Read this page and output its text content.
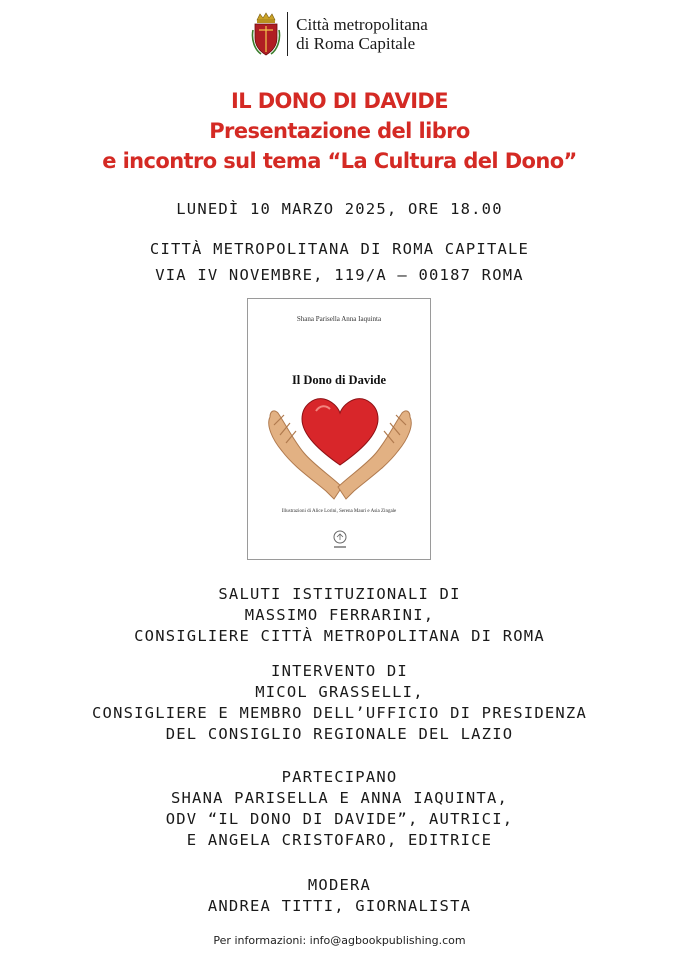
Città metropolitana
di Roma Capitale
IL DONO DI DAVIDE
Presentazione del libro
e incontro sul tema “La Cultura del Dono”
LUNEDÌ 10 MARZO 2025, ORE 18.00
CITTÀ METROPOLITANA DI ROMA CAPITALE
VIA IV NOVEMBRE, 119/A – 00187 ROMA
Shana Parisella Anna Iaquinta
Il Dono di Davide
Illustrazioni di Alice Lorini, Serena Mauri e Asia Zingale
SALUTI ISTITUZIONALI DI
MASSIMO FERRARINI,
CONSIGLIERE CITTÀ METROPOLITANA DI ROMA
INTERVENTO DI
MICOL GRASSELLI,
CONSIGLIERE E MEMBRO DELL’UFFICIO DI PRESIDENZA
DEL CONSIGLIO REGIONALE DEL LAZIO
PARTECIPANO
SHANA PARISELLA E ANNA IAQUINTA,
ODV “IL DONO DI DAVIDE”, AUTRICI,
E ANGELA CRISTOFARO, EDITRICE
MODERA
ANDREA TITTI, GIORNALISTA
Per informazioni: info@agbookpublishing.com
